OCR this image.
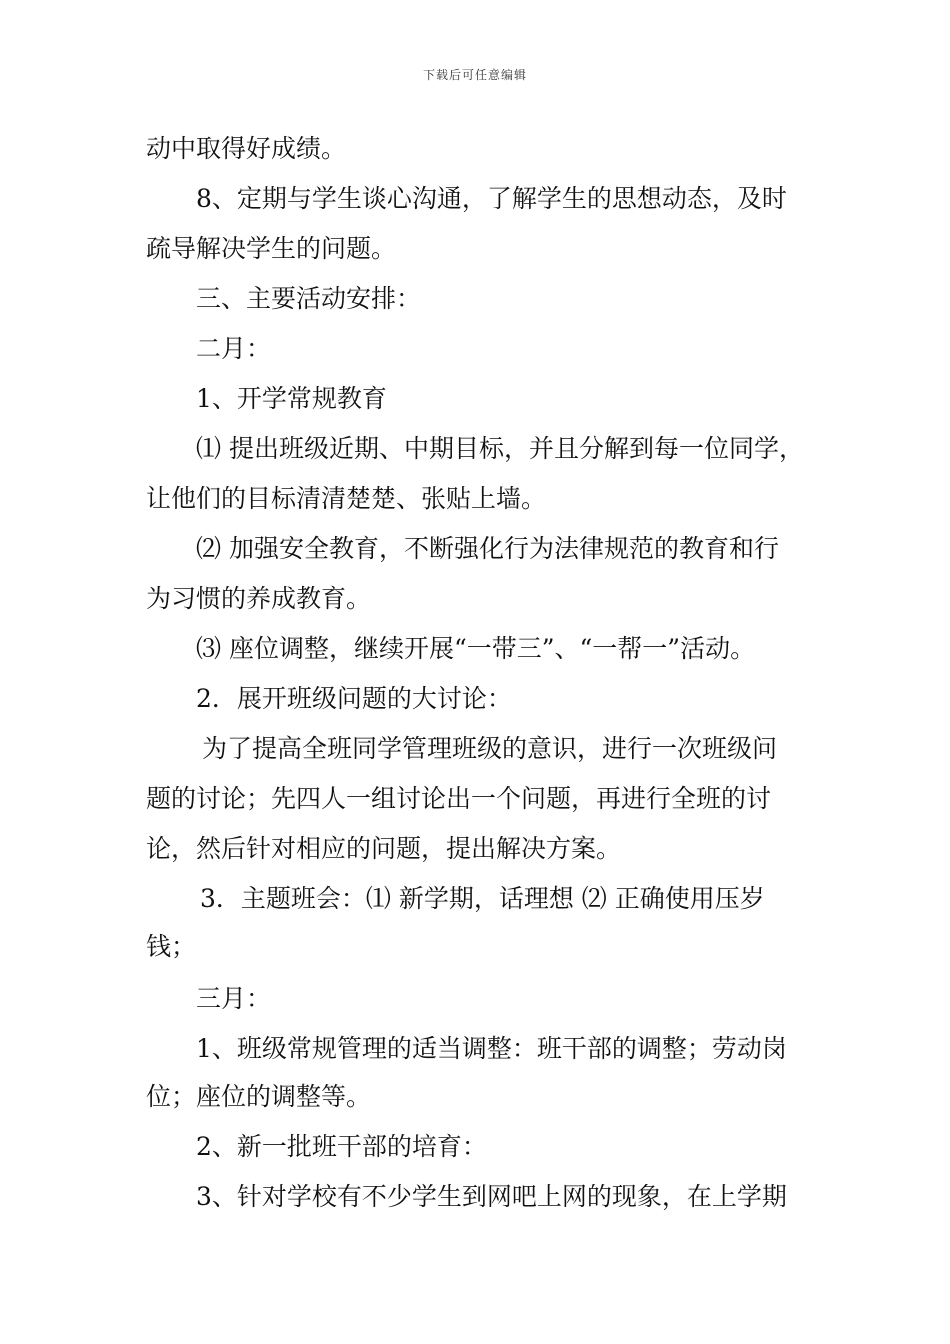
下载后可任意编辑
动中取得好成绩。
8、定期与学生谈心沟通，了解学生的思想动态，及时
疏导解决学生的问题。
三、主要活动安排：
二月：
1、开学常规教育
⑴ 提出班级近期、中期目标，并且分解到每一位同学，
让他们的目标清清楚楚、张贴上墙。
⑵ 加强安全教育，不断强化行为法律规范的教育和行
为习惯的养成教育。
⑶ 座位调整，继续开展“一带三”、“一帮一”活动。
2．展开班级问题的大讨论：
为了提高全班同学管理班级的意识，进行一次班级问
题的讨论；先四人一组讨论出一个问题，再进行全班的讨
论，然后针对相应的问题，提出解决方案。
3．主题班会：⑴ 新学期，话理想 ⑵ 正确使用压岁
钱；
三月：
1、班级常规管理的适当调整：班干部的调整；劳动岗
位；座位的调整等。
2、新一批班干部的培育：
3、针对学校有不少学生到网吧上网的现象，在上学期
